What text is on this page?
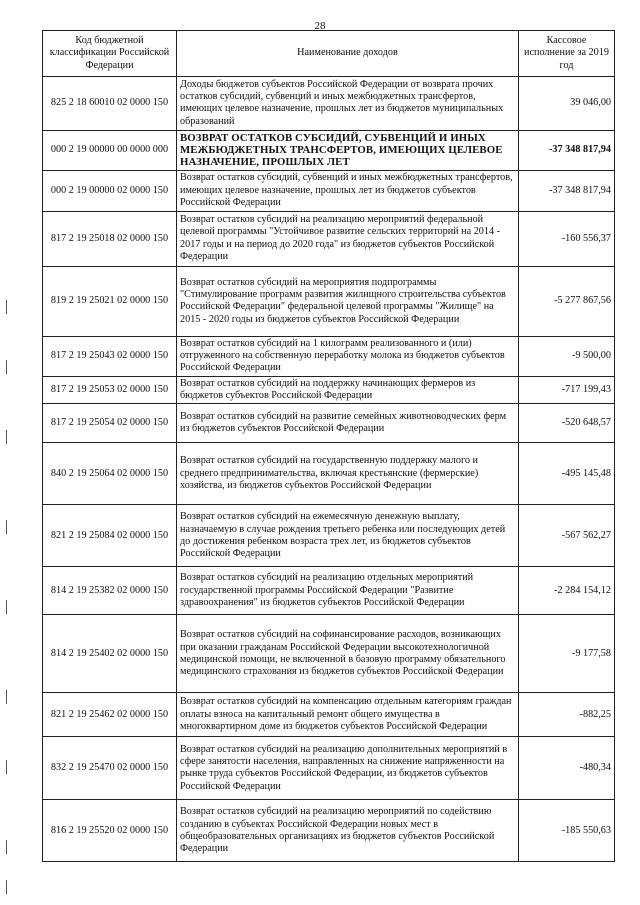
28
Код бюджетной классификации Российской Федерации	Наименование доходов	Кассовое исполнение за 2019 год
825 2 18 60010 02 0000 150	Доходы бюджетов субъектов Российской Федерации от возврата прочих остатков субсидий, субвенций и иных межбюджетных трансфертов, имеющих целевое назначение, прошлых лет из бюджетов муниципальных образований	39 046,00
000 2 19 00000 00 0000 000	ВОЗВРАТ ОСТАТКОВ СУБСИДИЙ, СУБВЕНЦИЙ И ИНЫХ МЕЖБЮДЖЕТНЫХ ТРАНСФЕРТОВ, ИМЕЮЩИХ ЦЕЛЕВОЕ НАЗНАЧЕНИЕ, ПРОШЛЫХ ЛЕТ	-37 348 817,94
000 2 19 00000 02 0000 150	Возврат остатков субсидий, субвенций и иных межбюджетных трансфертов, имеющих целевое назначение, прошлых лет из бюджетов субъектов Российской Федерации	-37 348 817,94
817 2 19 25018 02 0000 150	Возврат остатков субсидий на реализацию мероприятий федеральной целевой программы "Устойчивое развитие сельских территорий на 2014 - 2017 годы и на период до 2020 года" из бюджетов субъектов Российской Федерации	-160 556,37
819 2 19 25021 02 0000 150	Возврат остатков субсидий на мероприятия подпрограммы "Стимулирование программ развития жилищного строительства субъектов Российской Федерации" федеральной целевой программы "Жилище" на 2015 - 2020 годы из бюджетов субъектов Российской Федерации	-5 277 867,56
817 2 19 25043 02 0000 150	Возврат остатков субсидий на 1 килограмм реализованного и (или) отгруженного на собственную переработку молока из бюджетов субъектов Российской Федерации	-9 500,00
817 2 19 25053 02 0000 150	Возврат остатков субсидий на поддержку начинающих фермеров из бюджетов субъектов Российской Федерации	-717 199,43
817 2 19 25054 02 0000 150	Возврат остатков субсидий на развитие семейных животноводческих ферм из бюджетов субъектов Российской Федерации	-520 648,57
840 2 19 25064 02 0000 150	Возврат остатков субсидий на государственную поддержку малого и среднего предпринимательства, включая крестьянские (фермерские) хозяйства, из бюджетов субъектов Российской Федерации	-495 145,48
821 2 19 25084 02 0000 150	Возврат остатков субсидий на ежемесячную денежную выплату, назначаемую в случае рождения третьего ребенка или последующих детей до достижения ребенком возраста трех лет, из бюджетов субъектов Российской Федерации	-567 562,27
814 2 19 25382 02 0000 150	Возврат остатков субсидий на реализацию отдельных мероприятий государственной программы Российской Федерации "Развитие здравоохранения" из бюджетов субъектов Российской Федерации	-2 284 154,12
814 2 19 25402 02 0000 150	Возврат остатков субсидий на софинансирование расходов, возникающих при оказании гражданам Российской Федерации высокотехнологичной медицинской помощи, не включенной в базовую программу обязательного медицинского страхования из бюджетов субъектов Российской Федерации	-9 177,58
821 2 19 25462 02 0000 150	Возврат остатков субсидий на компенсацию отдельным категориям граждан оплаты взноса на капитальный ремонт общего имущества в многоквартирном доме из бюджетов субъектов Российской Федерации	-882,25
832 2 19 25470 02 0000 150	Возврат остатков субсидий на реализацию дополнительных мероприятий в сфере занятости населения, направленных на снижение напряженности на рынке труда субъектов Российской Федерации, из бюджетов субъектов Российской Федерации	-480,34
816 2 19 25520 02 0000 150	Возврат остатков субсидий на реализацию мероприятий по содействию созданию в субъектах Российской Федерации новых мест в общеобразовательных организациях из бюджетов субъектов Российской Федерации	-185 550,63
